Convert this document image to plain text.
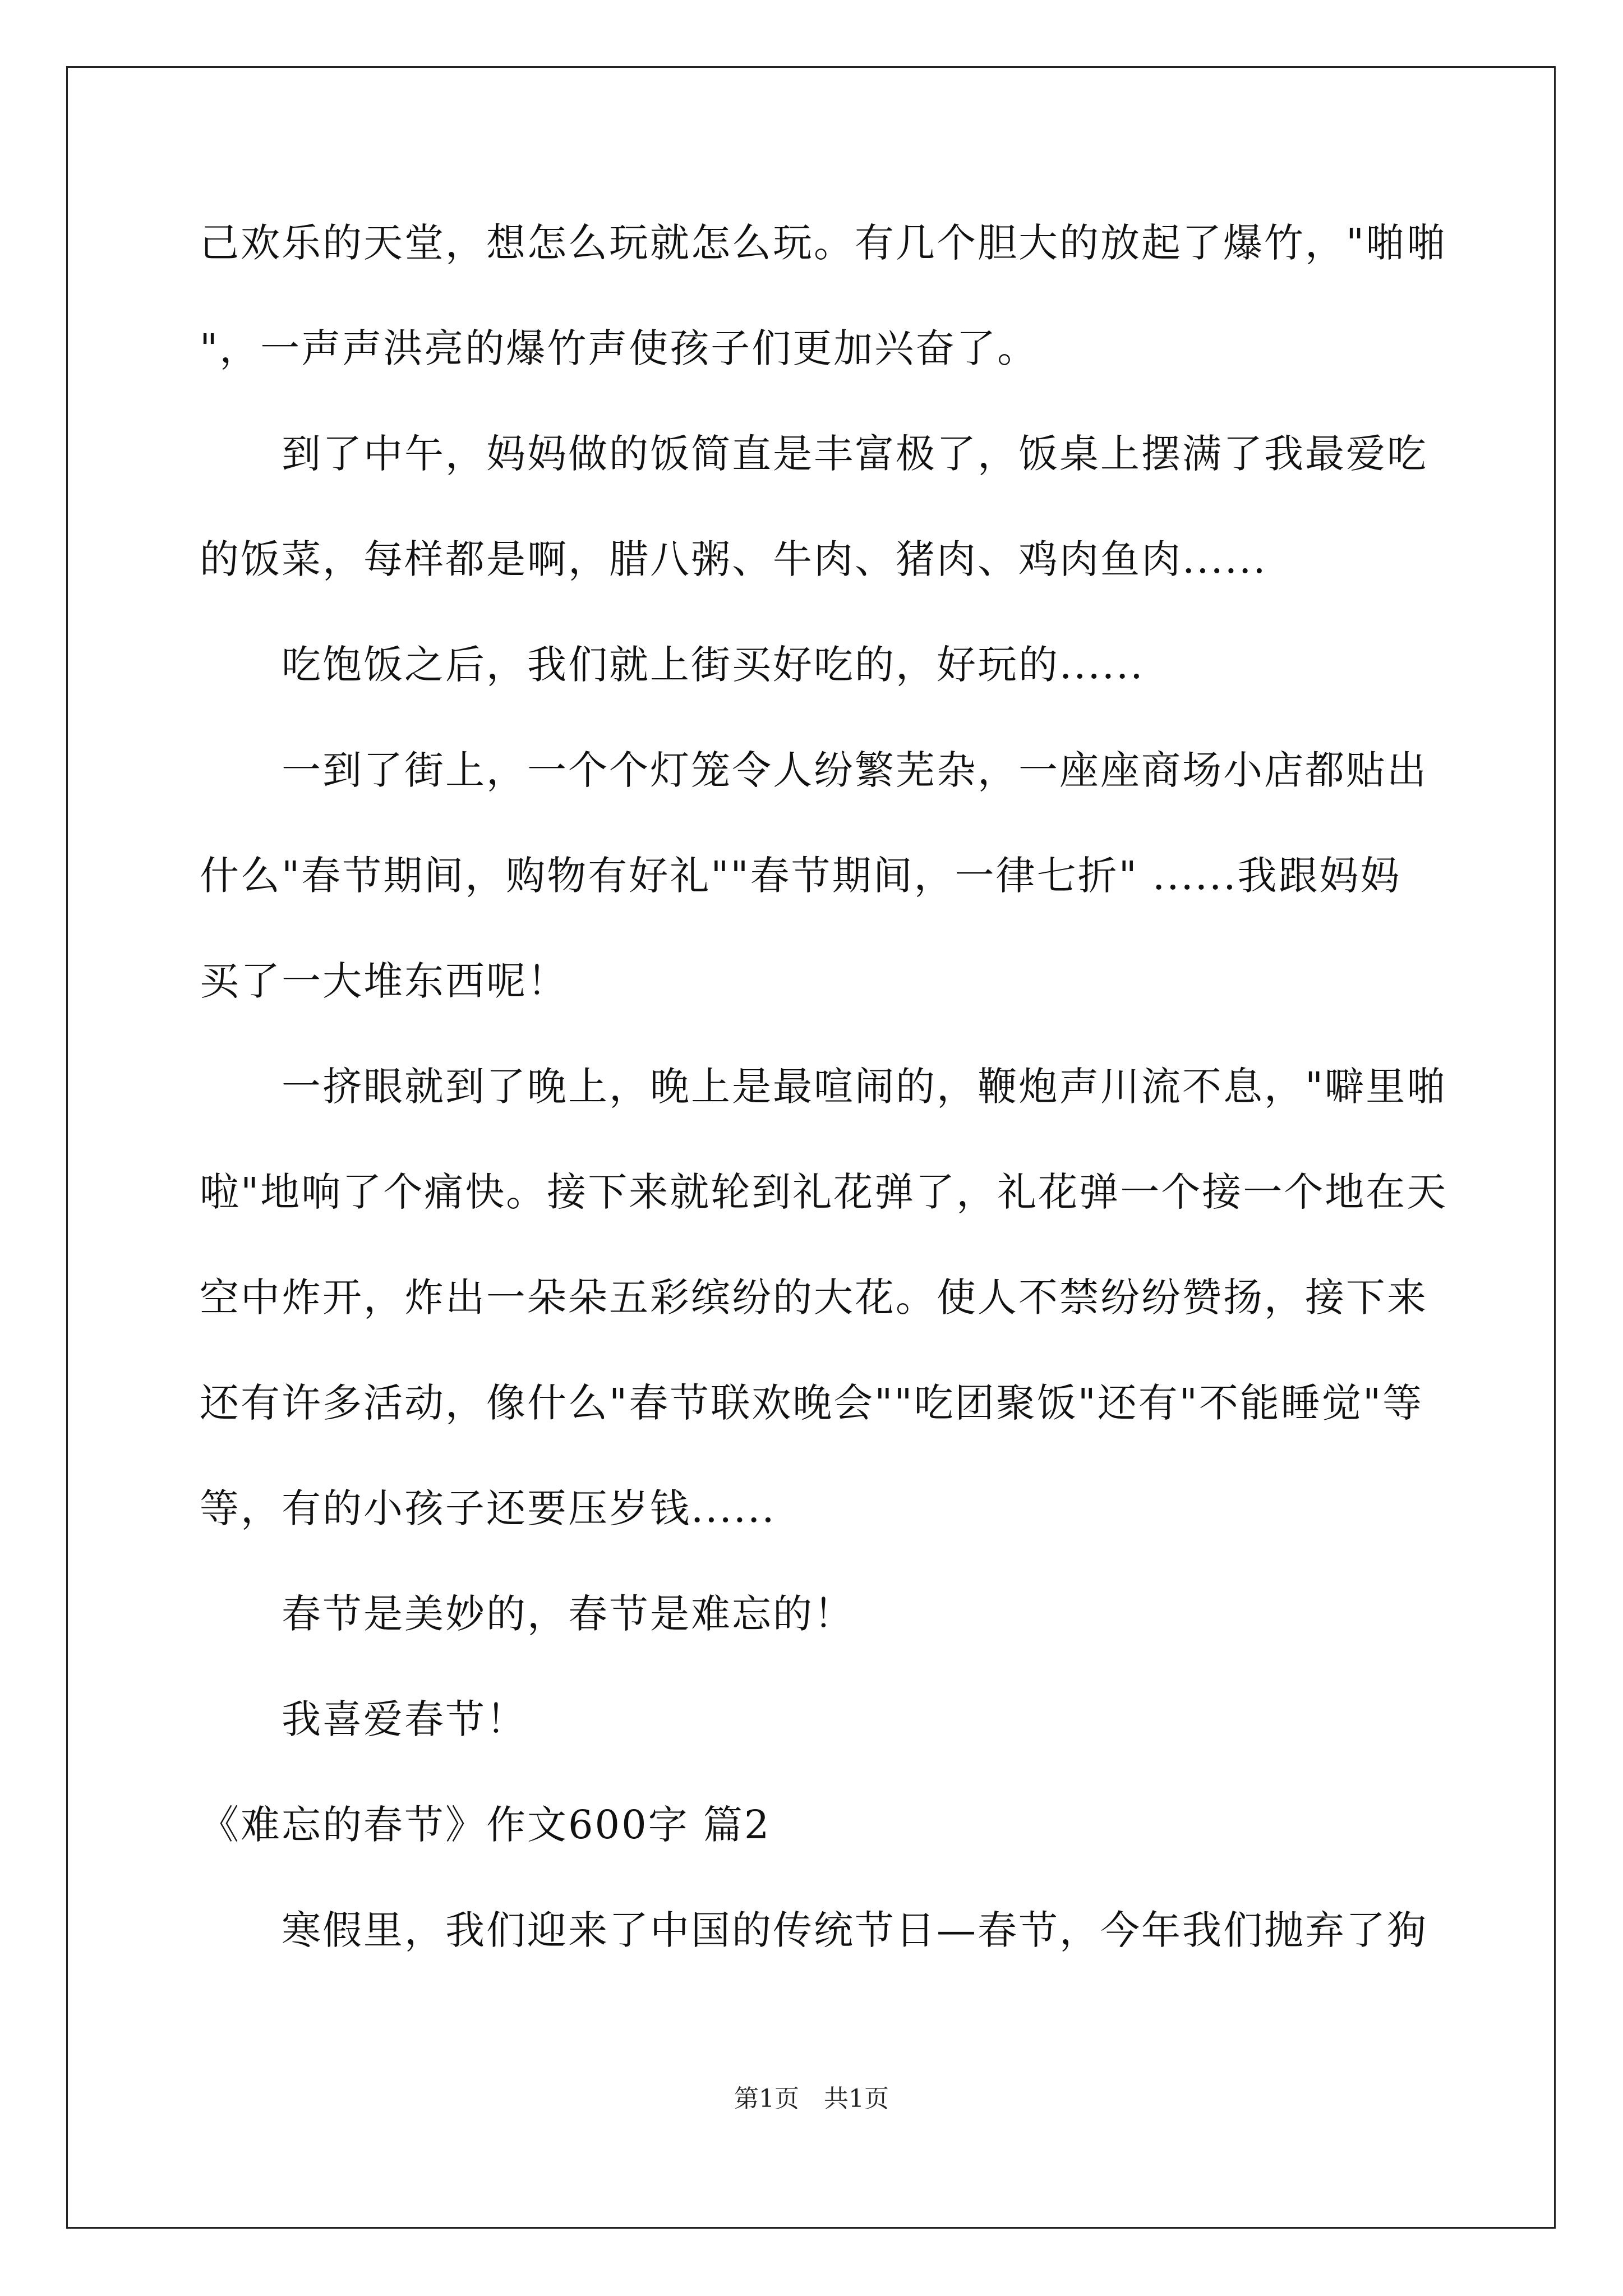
己欢乐的天堂，想怎么玩就怎么玩。有几个胆大的放起了爆竹，"啪啪
"，一声声洪亮的爆竹声使孩子们更加兴奋了。
　　到了中午，妈妈做的饭简直是丰富极了，饭桌上摆满了我最爱吃
的饭菜，每样都是啊，腊八粥、牛肉、猪肉、鸡肉鱼肉......
　　吃饱饭之后，我们就上街买好吃的，好玩的......
　　一到了街上，一个个灯笼令人纷繁芜杂，一座座商场小店都贴出
什么"春节期间，购物有好礼""春节期间，一律七折" ......我跟妈妈
买了一大堆东西呢！
　　一挤眼就到了晚上，晚上是最喧闹的，鞭炮声川流不息，"噼里啪
啦"地响了个痛快。接下来就轮到礼花弹了，礼花弹一个接一个地在天
空中炸开，炸出一朵朵五彩缤纷的大花。使人不禁纷纷赞扬，接下来
还有许多活动，像什么"春节联欢晚会""吃团聚饭"还有"不能睡觉"等
等，有的小孩子还要压岁钱......
　　春节是美妙的，春节是难忘的！
　　我喜爱春节！
《难忘的春节》作文600字 篇2
　　寒假里，我们迎来了中国的传统节日—春节，今年我们抛弃了狗
第1页　共1页
